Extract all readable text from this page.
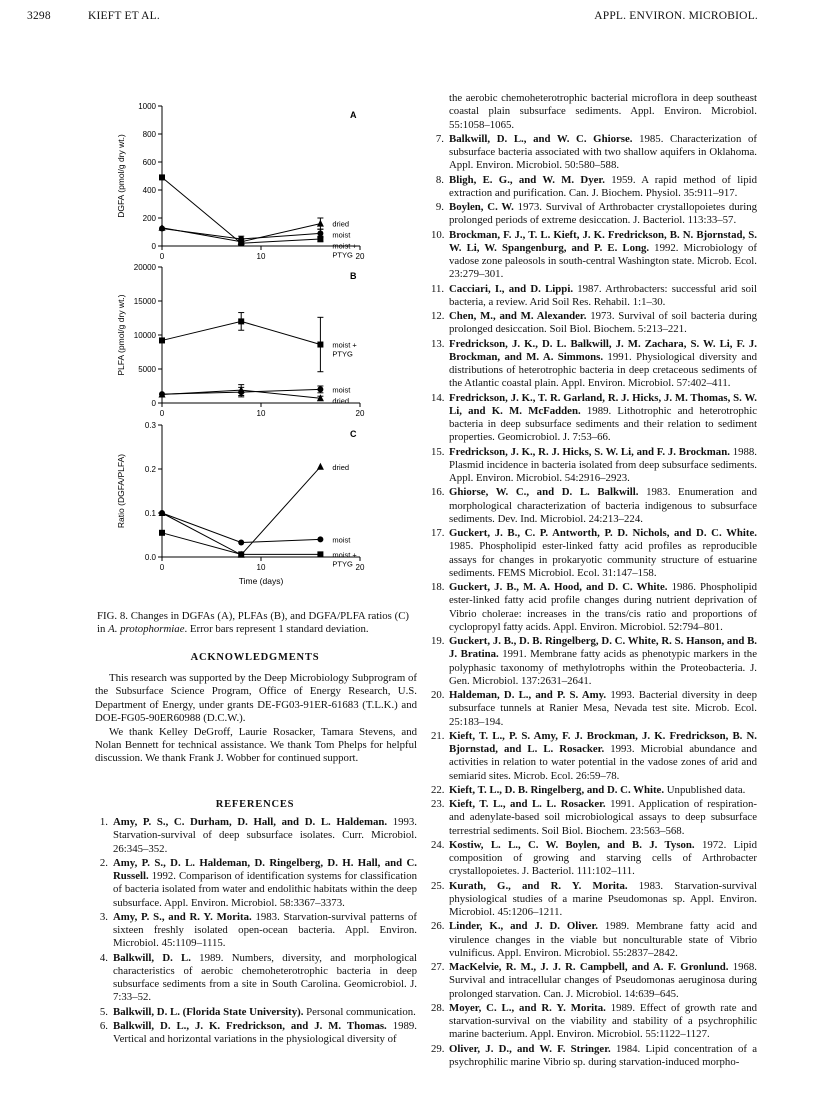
3298	KIEFT ET AL.	APPL. ENVIRON. MICROBIOL.
0
200
400
600
800
1000
0	10	20
DGFA (pmol/g dry wt.)
A
dried
moist
moist + PTYG
0
5000
10000
15000
20000
0	10	20
PLFA (pmol/g dry wt.)
B
moist + PTYG
moist
dried
0.0
0.1
0.2
0.3
0	10	20
Ratio (DGFA/PLFA)
Time (days)
C
dried
moist
moist + PTYG
FIG. 8. Changes in DGFAs (A), PLFAs (B), and DGFA/PLFA ratios (C) in A. protophormiae. Error bars represent 1 standard deviation.
ACKNOWLEDGMENTS
This research was supported by the Deep Microbiology Subprogram of the Subsurface Science Program, Office of Energy Research, U.S. Department of Energy, under grants DE-FG03-91ER-61683 (T.L.K.) and DOE-FG05-90ER60988 (D.C.W.).
We thank Kelley DeGroff, Laurie Rosacker, Tamara Stevens, and Nolan Bennett for technical assistance. We thank Tom Phelps for helpful discussion. We thank Frank J. Wobber for continued support.
REFERENCES
1. Amy, P. S., C. Durham, D. Hall, and D. L. Haldeman. 1993. Starvation-survival of deep subsurface isolates. Curr. Microbiol. 26:345–352.
2. Amy, P. S., D. L. Haldeman, D. Ringelberg, D. H. Hall, and C. Russell. 1992. Comparison of identification systems for classification of bacteria isolated from water and endolithic habitats within the deep subsurface. Appl. Environ. Microbiol. 58:3367–3373.
3. Amy, P. S., and R. Y. Morita. 1983. Starvation-survival patterns of sixteen freshly isolated open-ocean bacteria. Appl. Environ. Microbiol. 45:1109–1115.
4. Balkwill, D. L. 1989. Numbers, diversity, and morphological characteristics of aerobic chemoheterotrophic bacteria in deep subsurface sediments from a site in South Carolina. Geomicrobiol. J. 7:33–52.
5. Balkwill, D. L. (Florida State University). Personal communication.
6. Balkwill, D. L., J. K. Fredrickson, and J. M. Thomas. 1989. Vertical and horizontal variations in the physiological diversity of
the aerobic chemoheterotrophic bacterial microflora in deep southeast coastal plain subsurface sediments. Appl. Environ. Microbiol. 55:1058–1065.
7. Balkwill, D. L., and W. C. Ghiorse. 1985. Characterization of subsurface bacteria associated with two shallow aquifers in Oklahoma. Appl. Environ. Microbiol. 50:580–588.
8. Bligh, E. G., and W. M. Dyer. 1959. A rapid method of lipid extraction and purification. Can. J. Biochem. Physiol. 35:911–917.
9. Boylen, C. W. 1973. Survival of Arthrobacter crystallopoietes during prolonged periods of extreme desiccation. J. Bacteriol. 113:33–57.
10. Brockman, F. J., T. L. Kieft, J. K. Fredrickson, B. N. Bjornstad, S. W. Li, W. Spangenburg, and P. E. Long. 1992. Microbiology of vadose zone paleosols in south-central Washington state. Microb. Ecol. 23:279–301.
11. Cacciari, I., and D. Lippi. 1987. Arthrobacters: successful arid soil bacteria, a review. Arid Soil Res. Rehabil. 1:1–30.
12. Chen, M., and M. Alexander. 1973. Survival of soil bacteria during prolonged desiccation. Soil Biol. Biochem. 5:213–221.
13. Fredrickson, J. K., D. L. Balkwill, J. M. Zachara, S. W. Li, F. J. Brockman, and M. A. Simmons. 1991. Physiological diversity and distributions of heterotrophic bacteria in deep cretaceous sediments of the Atlantic coastal plain. Appl. Environ. Microbiol. 57:402–411.
14. Fredrickson, J. K., T. R. Garland, R. J. Hicks, J. M. Thomas, S. W. Li, and K. M. McFadden. 1989. Lithotrophic and heterotrophic bacteria in deep subsurface sediments and their relation to sediment properties. Geomicrobiol. J. 7:53–66.
15. Fredrickson, J. K., R. J. Hicks, S. W. Li, and F. J. Brockman. 1988. Plasmid incidence in bacteria isolated from deep subsurface sediments. Appl. Environ. Microbiol. 54:2916–2923.
16. Ghiorse, W. C., and D. L. Balkwill. 1983. Enumeration and morphological characterization of bacteria indigenous to subsurface sediments. Dev. Ind. Microbiol. 24:213–224.
17. Guckert, J. B., C. P. Antworth, P. D. Nichols, and D. C. White. 1985. Phospholipid ester-linked fatty acid profiles as reproducible assays for changes in prokaryotic community structure of estuarine sediments. FEMS Microbiol. Ecol. 31:147–158.
18. Guckert, J. B., M. A. Hood, and D. C. White. 1986. Phospholipid ester-linked fatty acid profile changes during nutrient deprivation of Vibrio cholerae: increases in the trans/cis ratio and proportions of cyclopropyl fatty acids. Appl. Environ. Microbiol. 52:794–801.
19. Guckert, J. B., D. B. Ringelberg, D. C. White, R. S. Hanson, and B. J. Bratina. 1991. Membrane fatty acids as phenotypic markers in the polyphasic taxonomy of methylotrophs within the Proteobacteria. J. Gen. Microbiol. 137:2631–2641.
20. Haldeman, D. L., and P. S. Amy. 1993. Bacterial diversity in deep subsurface tunnels at Ranier Mesa, Nevada test site. Microb. Ecol. 25:183–194.
21. Kieft, T. L., P. S. Amy, F. J. Brockman, J. K. Fredrickson, B. N. Bjornstad, and L. L. Rosacker. 1993. Microbial abundance and activities in relation to water potential in the vadose zones of arid and semiarid sites. Microb. Ecol. 26:59–78.
22. Kieft, T. L., D. B. Ringelberg, and D. C. White. Unpublished data.
23. Kieft, T. L., and L. L. Rosacker. 1991. Application of respiration- and adenylate-based soil microbiological assays to deep subsurface terrestrial sediments. Soil Biol. Biochem. 23:563–568.
24. Kostiw, L. L., C. W. Boylen, and B. J. Tyson. 1972. Lipid composition of growing and starving cells of Arthrobacter crystallopoietes. J. Bacteriol. 111:102–111.
25. Kurath, G., and R. Y. Morita. 1983. Starvation-survival physiological studies of a marine Pseudomonas sp. Appl. Environ. Microbiol. 45:1206–1211.
26. Linder, K., and J. D. Oliver. 1989. Membrane fatty acid and virulence changes in the viable but nonculturable state of Vibrio vulnificus. Appl. Environ. Microbiol. 55:2837–2842.
27. MacKelvie, R. M., J. J. R. Campbell, and A. F. Gronlund. 1968. Survival and intracellular changes of Pseudomonas aeruginosa during prolonged starvation. Can. J. Microbiol. 14:639–645.
28. Moyer, C. L., and R. Y. Morita. 1989. Effect of growth rate and starvation-survival on the viability and stability of a psychrophilic marine bacterium. Appl. Environ. Microbiol. 55:1122–1127.
29. Oliver, J. D., and W. F. Stringer. 1984. Lipid concentration of a psychrophilic marine Vibrio sp. during starvation-induced morpho-
